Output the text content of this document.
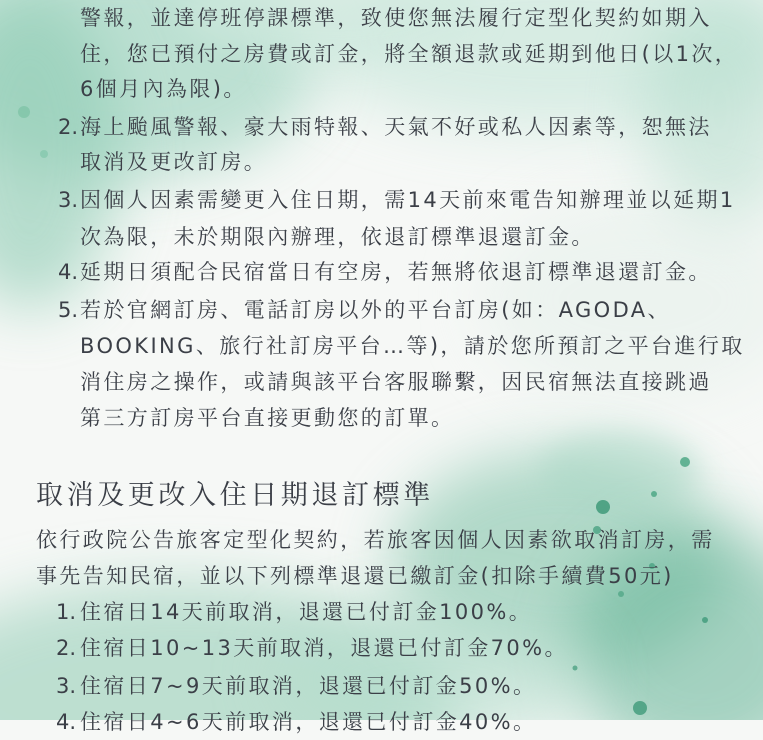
警報，並達停班停課標準，致使您無法履行定型化契約如期入
住，您已預付之房費或訂金，將全額退款或延期到他日(以1次，
6個月內為限)。
2. 海上颱風警報、豪大雨特報、天氣不好或私人因素等，恕無法
取消及更改訂房。
3. 因個人因素需變更入住日期，需14天前來電告知辦理並以延期1
次為限，未於期限內辦理，依退訂標準退還訂金。
4. 延期日須配合民宿當日有空房，若無將依退訂標準退還訂金。
5. 若於官網訂房、電話訂房以外的平台訂房(如：AGODA、
BOOKING、旅行社訂房平台…等)，請於您所預訂之平台進行取
消住房之操作，或請與該平台客服聯繫，因民宿無法直接跳過
第三方訂房平台直接更動您的訂單。
取消及更改入住日期退訂標準
依行政院公告旅客定型化契約，若旅客因個人因素欲取消訂房，需
事先告知民宿，並以下列標準退還已繳訂金(扣除手續費50元)
1. 住宿日14天前取消，退還已付訂金100%。
2. 住宿日10~13天前取消，退還已付訂金70%。
3. 住宿日7~9天前取消，退還已付訂金50%。
4. 住宿日4~6天前取消，退還已付訂金40%。
